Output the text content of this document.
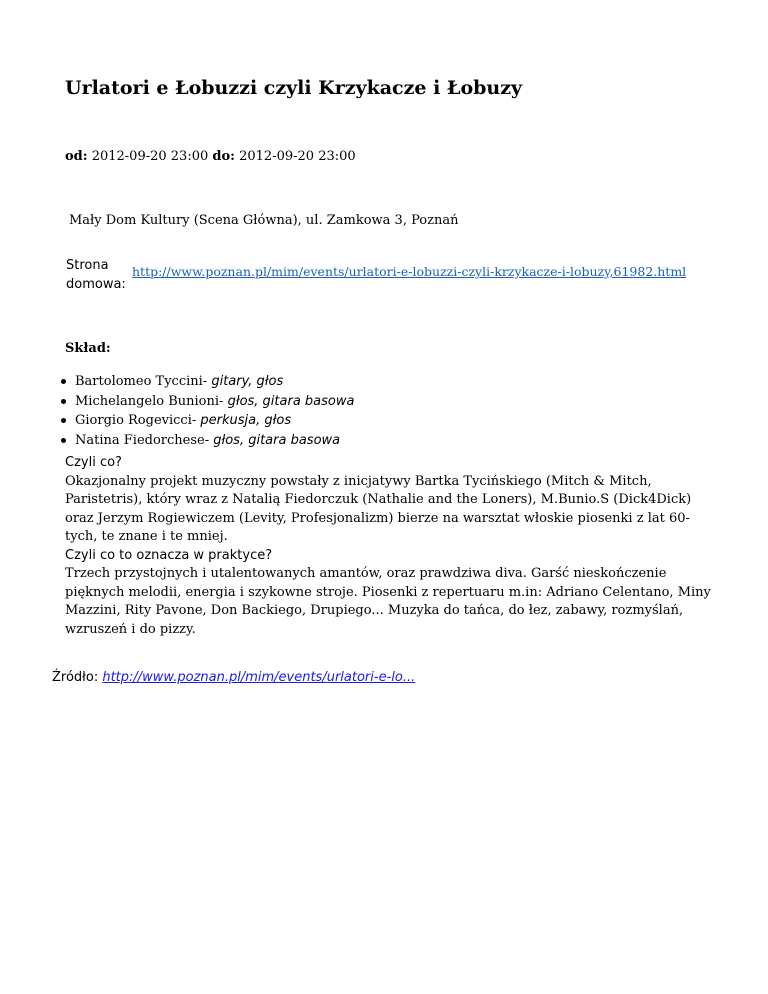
Urlatori e Łobuzzi czyli Krzykacze i Łobuzy
od: 2012-09-20 23:00 do: 2012-09-20 23:00
Mały Dom Kultury (Scena Główna), ul. Zamkowa 3, Poznań
Strona
domowa:
http://www.poznan.pl/mim/events/urlatori-e-lobuzzi-czyli-krzykacze-i-lobuzy,61982.html
Skład:
Bartolomeo Tyccini- gitary, głos
Michelangelo Bunioni- głos, gitara basowa
Giorgio Rogevicci- perkusja, głos
Natina Fiedorchese- głos, gitara basowa
Czyli co?
Okazjonalny projekt muzyczny powstały z inicjatywy Bartka Tycińskiego (Mitch & Mitch,
Paristetris), który wraz z Natalią Fiedorczuk (Nathalie and the Loners), M.Bunio.S (Dick4Dick)
oraz Jerzym Rogiewiczem (Levity, Profesjonalizm) bierze na warsztat włoskie piosenki z lat 60-
tych, te znane i te mniej.
Czyli co to oznacza w praktyce?
Trzech przystojnych i utalentowanych amantów, oraz prawdziwa diva. Garść nieskończenie
pięknych melodii, energia i szykowne stroje. Piosenki z repertuaru m.in: Adriano Celentano, Miny
Mazzini, Rity Pavone, Don Backiego, Drupiego... Muzyka do tańca, do łez, zabawy, rozmyślań,
wzruszeń i do pizzy.
Źródło: http://www.poznan.pl/mim/events/urlatori-e-lo...
